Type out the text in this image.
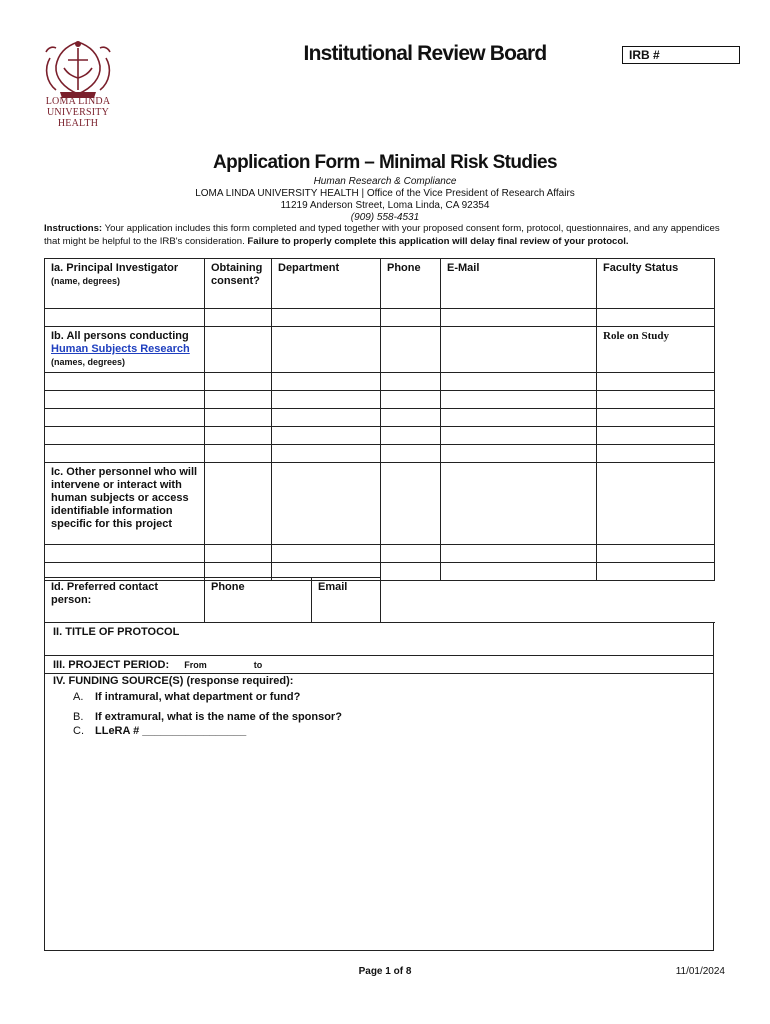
LOMA LINDA
UNIVERSITY
HEALTH
Institutional Review Board	IRB #
Application Form – Minimal Risk Studies
Human Research & Compliance
LOMA LINDA UNIVERSITY HEALTH | Office of the Vice President of Research Affairs
11219 Anderson Street, Loma Linda, CA 92354
(909) 558-4531
Instructions: Your application includes this form completed and typed together with your proposed consent form, protocol, questionnaires, and any appendices that might be helpful to the IRB's consideration. Failure to properly complete this application will delay final review of your protocol.
Ia. Principal Investigator
(name, degrees)	Obtaining consent?	Department	Phone	E-Mail	Faculty Status

Ib. All persons conducting
Human Subjects Research
(names, degrees)					Role on Study

Ic. Other personnel who will intervene or interact with human subjects or access identifiable information specific for this project					

Id. Preferred contact person:	Phone	Email	
II. TITLE OF PROTOCOL
III. PROJECT PERIOD: From	to
IV. FUNDING SOURCE(S) (response required):
A. If intramural, what department or fund?
B. If extramural, what is the name of the sponsor?
C. LLeRA # _________________
Page 1 of 8	11/01/2024
